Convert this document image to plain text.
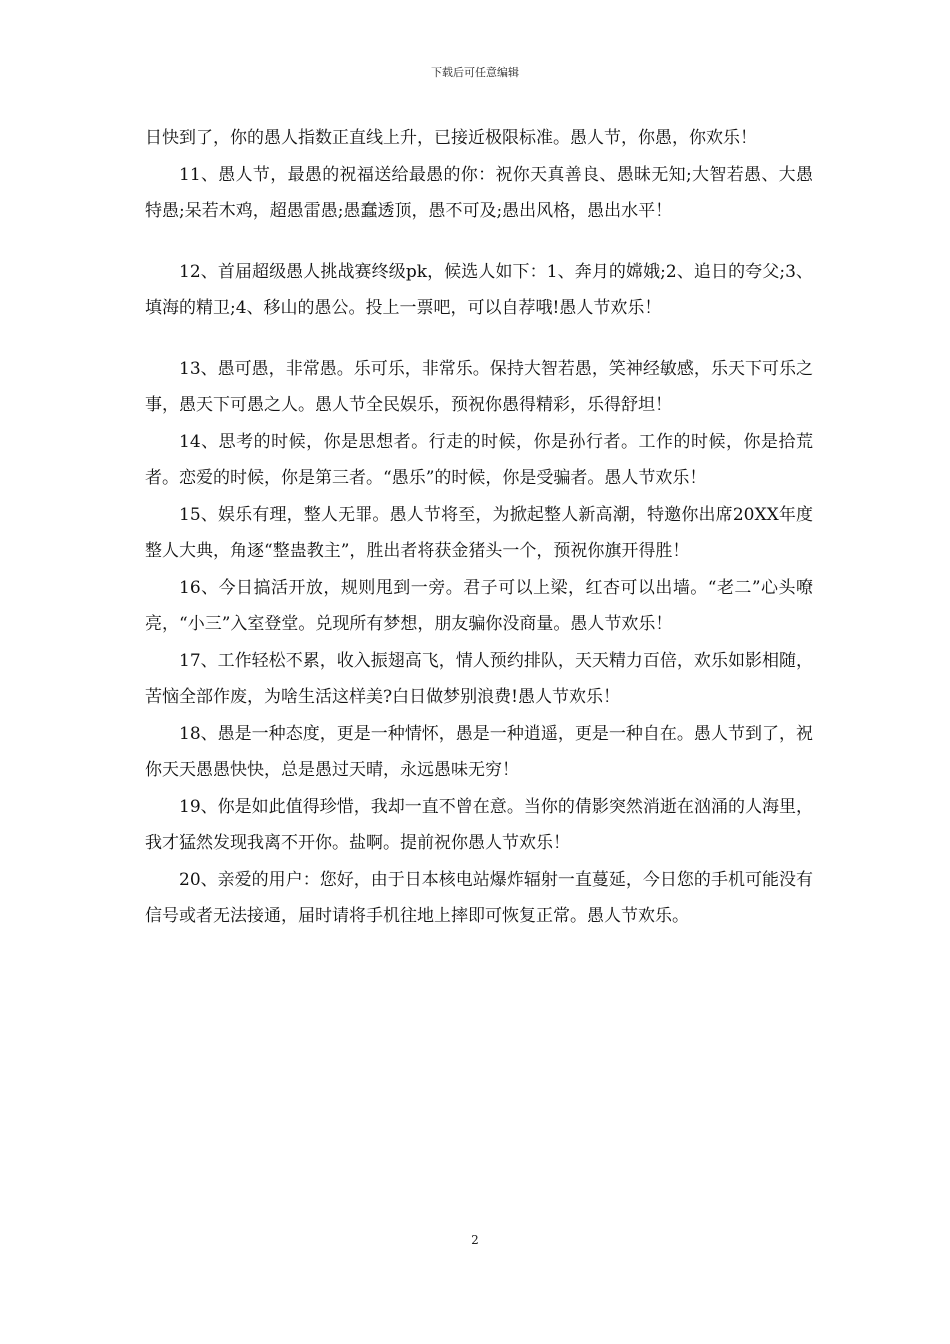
下载后可任意编辑

日快到了，你的愚人指数正直线上升，已接近极限标准。愚人节，你愚，你欢乐！

11、愚人节，最愚的祝福送给最愚的你：祝你天真善良、愚昧无知;大智若愚、大愚特愚;呆若木鸡，超愚雷愚;愚蠢透顶，愚不可及;愚出风格，愚出水平！

12、首届超级愚人挑战赛终级pk，候选人如下：1、奔月的嫦娥;2、追日的夸父;3、填海的精卫;4、移山的愚公。投上一票吧，可以自荐哦!愚人节欢乐！

13、愚可愚，非常愚。乐可乐，非常乐。保持大智若愚，笑神经敏感，乐天下可乐之事，愚天下可愚之人。愚人节全民娱乐，预祝你愚得精彩，乐得舒坦！

14、思考的时候，你是思想者。行走的时候，你是孙行者。工作的时候，你是拾荒者。恋爱的时候，你是第三者。“愚乐”的时候，你是受骗者。愚人节欢乐！

15、娱乐有理，整人无罪。愚人节将至，为掀起整人新高潮，特邀你出席20XX年度整人大典，角逐“整蛊教主”，胜出者将获金猪头一个，预祝你旗开得胜！

16、今日搞活开放，规则甩到一旁。君子可以上梁，红杏可以出墙。“老二”心头嘹亮，“小三”入室登堂。兑现所有梦想，朋友骗你没商量。愚人节欢乐！

17、工作轻松不累，收入振翅高飞，情人预约排队，天天精力百倍，欢乐如影相随，苦恼全部作废，为啥生活这样美?白日做梦别浪费!愚人节欢乐！

18、愚是一种态度，更是一种情怀，愚是一种逍遥，更是一种自在。愚人节到了，祝你天天愚愚快快，总是愚过天晴，永远愚味无穷！

19、你是如此值得珍惜，我却一直不曾在意。当你的倩影突然消逝在汹涌的人海里，我才猛然发现我离不开你。盐啊。提前祝你愚人节欢乐！

20、亲爱的用户：您好，由于日本核电站爆炸辐射一直蔓延，今日您的手机可能没有信号或者无法接通，届时请将手机往地上摔即可恢复正常。愚人节欢乐。

2
